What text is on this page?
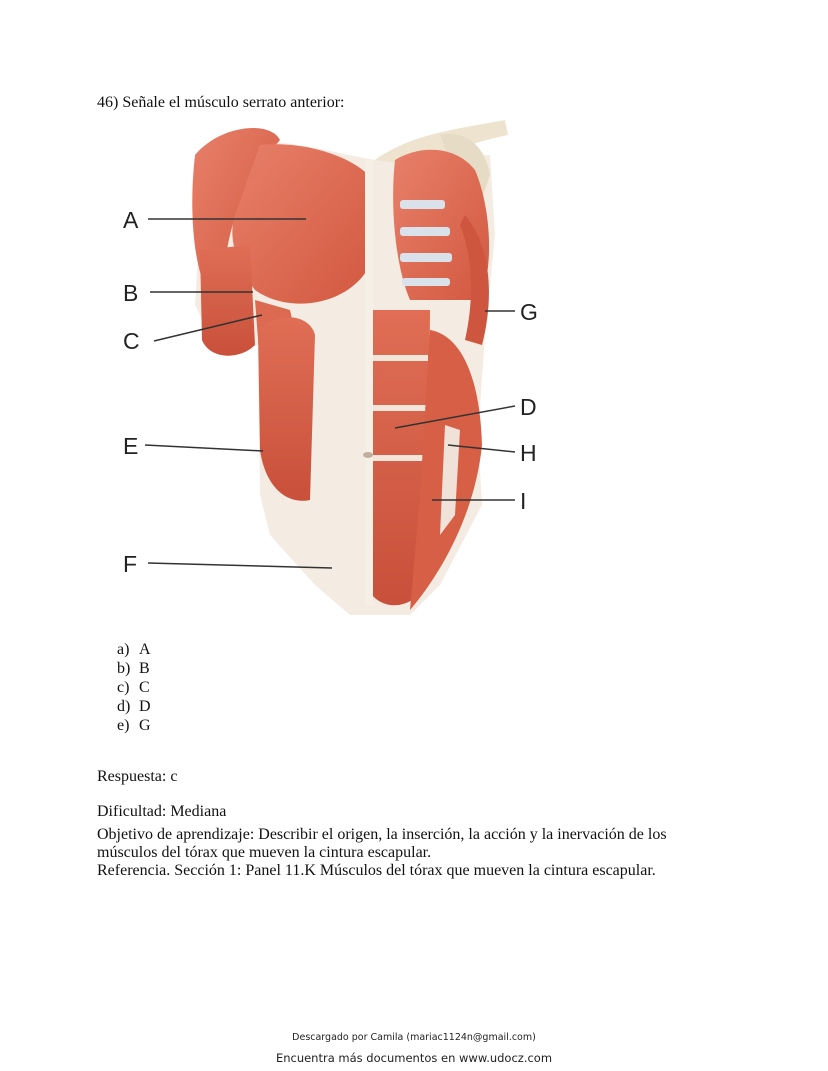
46) Señale el músculo serrato anterior:
A
B
C
D
E
F
G
H
I
a) A
b) B
c) C
d) D
e) G
Respuesta: c
Dificultad: Mediana
Objetivo de aprendizaje: Describir el origen, la inserción, la acción y la inervación de los músculos del tórax que mueven la cintura escapular.
Referencia. Sección 1: Panel 11.K Músculos del tórax que mueven la cintura escapular.
Descargado por Camila (mariac1124n@gmail.com)
Encuentra más documentos en www.udocz.com
